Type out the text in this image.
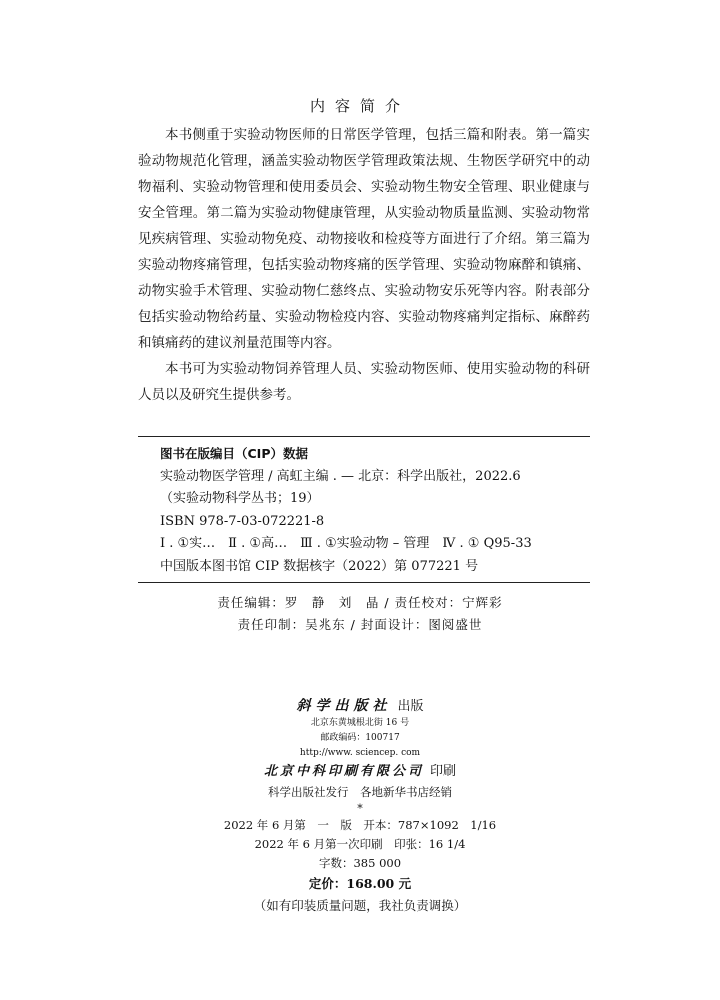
内容简介

本书侧重于实验动物医师的日常医学管理，包括三篇和附表。第一篇实验动物规范化管理，涵盖实验动物医学管理政策法规、生物医学研究中的动物福利、实验动物管理和使用委员会、实验动物生物安全管理、职业健康与安全管理。第二篇为实验动物健康管理，从实验动物质量监测、实验动物常见疾病管理、实验动物免疫、动物接收和检疫等方面进行了介绍。第三篇为实验动物疼痛管理，包括实验动物疼痛的医学管理、实验动物麻醉和镇痛、动物实验手术管理、实验动物仁慈终点、实验动物安乐死等内容。附表部分包括实验动物给药量、实验动物检疫内容、实验动物疼痛判定指标、麻醉药和镇痛药的建议剂量范围等内容。

本书可为实验动物饲养管理人员、实验动物医师、使用实验动物的科研人员以及研究生提供参考。

图书在版编目（CIP）数据
实验动物医学管理 / 高虹主编 . — 北京：科学出版社，2022.6
（实验动物科学丛书；19）
ISBN 978-7-03-072221-8
Ⅰ . ①实…　Ⅱ . ①高…　Ⅲ . ①实验动物 – 管理　Ⅳ . ① Q95-33
中国版本图书馆 CIP 数据核字（2022）第 077221 号
责任编辑：罗　静　刘　晶 / 责任校对：宁辉彩
责任印制：吴兆东 / 封面设计：图阅盛世
斜学出版社 出版
北京东黄城根北街 16 号
邮政编码：100717
http://www. sciencep. com
北京中科印刷有限公司 印刷
科学出版社发行　各地新华书店经销
*
2022 年 6 月第　一　版　开本：787×1092　1/16
2022 年 6 月第一次印刷　印张：16 1/4
字数：385 000
定价：168.00 元
（如有印装质量问题，我社负责调换）
